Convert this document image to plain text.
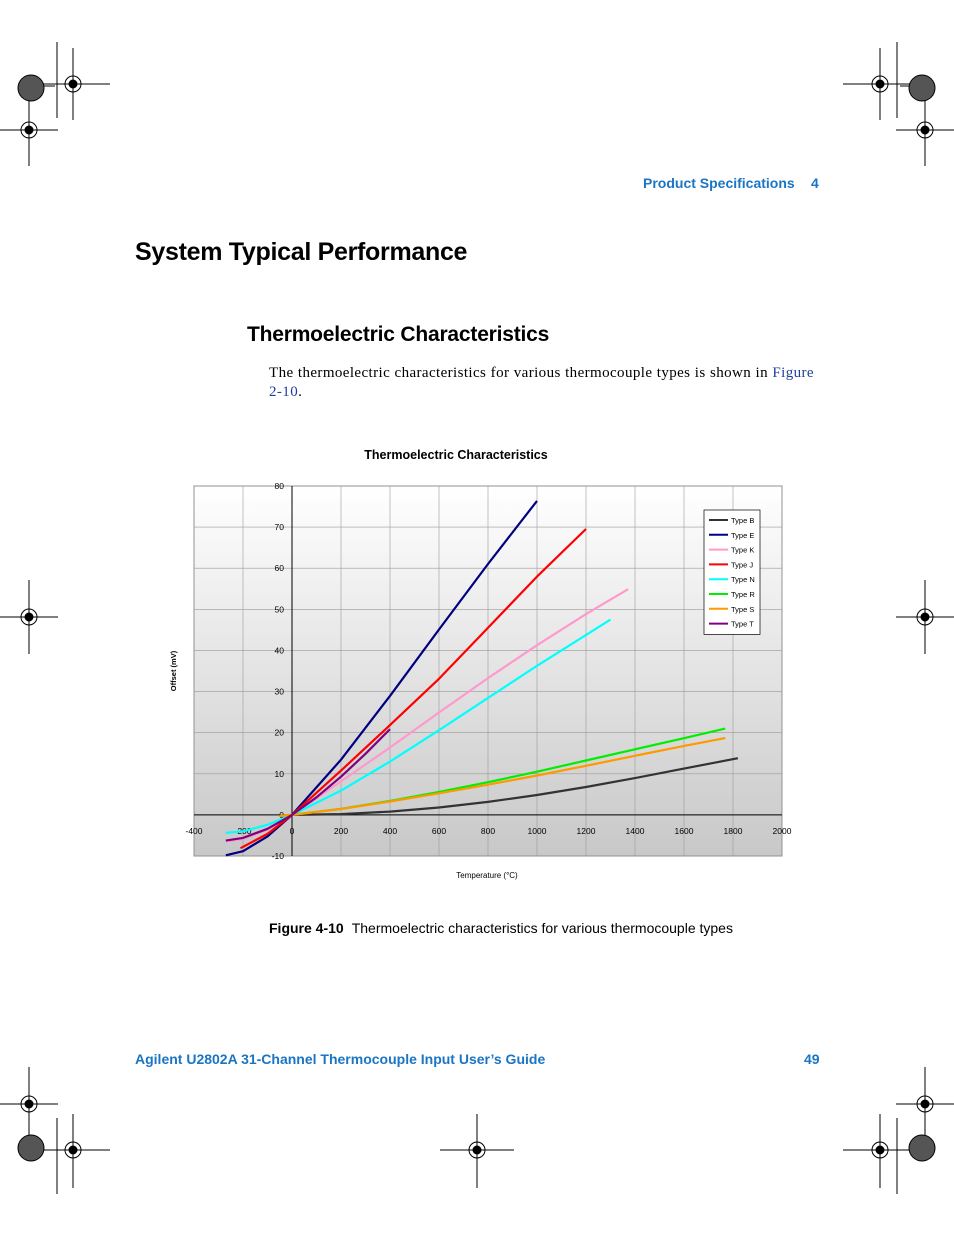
Product Specifications 4
System Typical Performance
Thermoelectric Characteristics
The thermoelectric characteristics for various thermocouple types is shown in Figure 2-10.
Thermoelectric Characteristics
-400	-200	0	200	400	600	800	1000	1200	1400	1600	1800	2000
-10
0
10
20
30
40
50
60
70
80
Type B
Type E
Type K
Type J
Type N
Type R
Type S
Type T
Temperature (°C)
Offset (mV)
Figure 4-10 Thermoelectric characteristics for various thermocouple types
Agilent U2802A 31-Channel Thermocouple Input User’s Guide	49
